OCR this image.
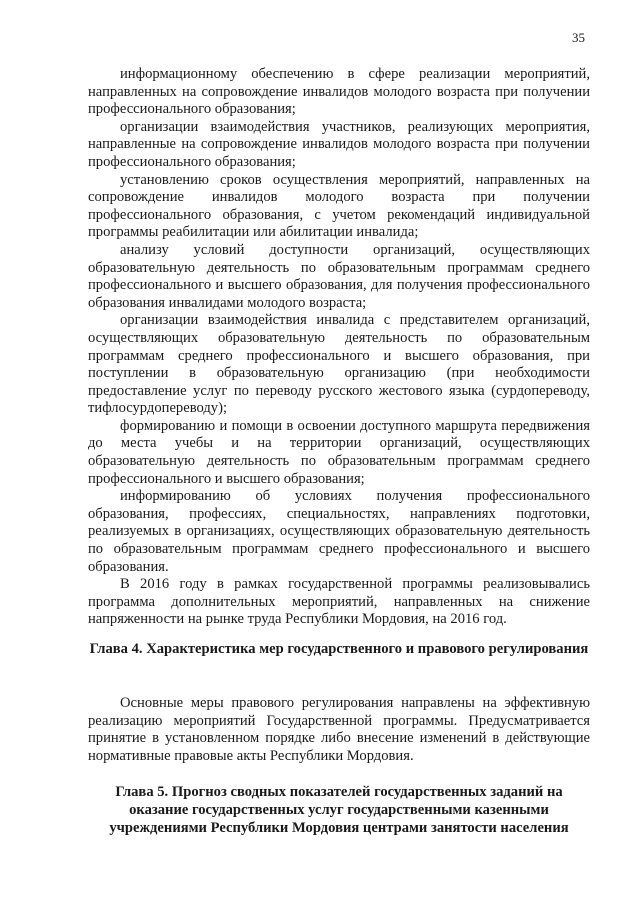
35

информационному обеспечению в сфере реализации мероприятий, направленных на сопровождение инвалидов молодого возраста при получении профессионального образования;

организации взаимодействия участников, реализующих мероприятия, направленные на сопровождение инвалидов молодого возраста при получении профессионального образования;

установлению сроков осуществления мероприятий, направленных на сопровождение инвалидов молодого возраста при получении профессионального образования, с учетом рекомендаций индивидуальной программы реабилитации или абилитации инвалида;

анализу условий доступности организаций, осуществляющих образовательную деятельность по образовательным программам среднего профессионального и высшего образования, для получения профессионального образования инвалидами молодого возраста;

организации взаимодействия инвалида с представителем организаций, осуществляющих образовательную деятельность по образовательным программам среднего профессионального и высшего образования, при поступлении в образовательную организацию (при необходимости предоставление услуг по переводу русского жестового языка (сурдопереводу, тифлосурдопереводу);

формированию и помощи в освоении доступного маршрута передвижения до места учебы и на территории организаций, осуществляющих образовательную деятельность по образовательным программам среднего профессионального и высшего образования;

информированию об условиях получения профессионального образования, профессиях, специальностях, направлениях подготовки, реализуемых в организациях, осуществляющих образовательную деятельность по образовательным программам среднего профессионального и высшего образования.

В 2016 году в рамках государственной программы реализовывались программа дополнительных мероприятий, направленных на снижение напряженности на рынке труда Республики Мордовия, на 2016 год.

Глава 4. Характеристика мер государственного и правового регулирования

Основные меры правового регулирования направлены на эффективную реализацию мероприятий Государственной программы. Предусматривается принятие в установленном порядке либо внесение изменений в действующие нормативные правовые акты Республики Мордовия.

Глава 5. Прогноз сводных показателей государственных заданий на оказание государственных услуг государственными казенными учреждениями Республики Мордовия центрами занятости населения
